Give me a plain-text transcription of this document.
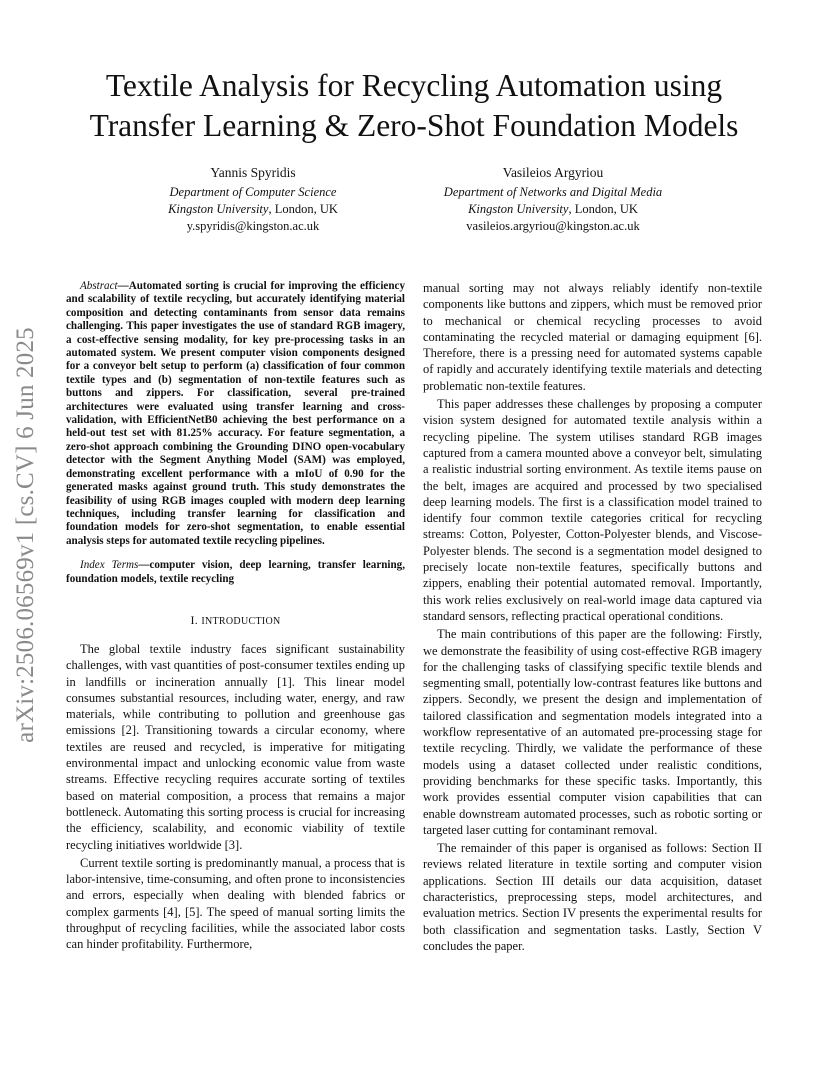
arXiv:2506.06569v1 [cs.CV] 6 Jun 2025
Textile Analysis for Recycling Automation using
Transfer Learning & Zero-Shot Foundation Models
Yannis Spyridis
Department of Computer Science
Kingston University, London, UK
y.spyridis@kingston.ac.uk
Vasileios Argyriou
Department of Networks and Digital Media
Kingston University, London, UK
vasileios.argyriou@kingston.ac.uk

Abstract—Automated sorting is crucial for improving the efficiency and scalability of textile recycling, but accurately identifying material composition and detecting contaminants from sensor data remains challenging. This paper investigates the use of standard RGB imagery, a cost-effective sensing modality, for key pre-processing tasks in an automated system. We present computer vision components designed for a conveyor belt setup to perform (a) classification of four common textile types and (b) segmentation of non-textile features such as buttons and zippers. For classification, several pre-trained architectures were evaluated using transfer learning and cross-validation, with EfficientNetB0 achieving the best performance on a held-out test set with 81.25% accuracy. For feature segmentation, a zero-shot approach combining the Grounding DINO open-vocabulary detector with the Segment Anything Model (SAM) was employed, demonstrating excellent performance with a mIoU of 0.90 for the generated masks against ground truth. This study demonstrates the feasibility of using RGB images coupled with modern deep learning techniques, including transfer learning for classification and foundation models for zero-shot segmentation, to enable essential analysis steps for automated textile recycling pipelines.

Index Terms—computer vision, deep learning, transfer learning, foundation models, textile recycling

I. INTRODUCTION

The global textile industry faces significant sustainability challenges, with vast quantities of post-consumer textiles ending up in landfills or incineration annually [1]. This linear model consumes substantial resources, including water, energy, and raw materials, while contributing to pollution and greenhouse gas emissions [2]. Transitioning towards a circular economy, where textiles are reused and recycled, is imperative for mitigating environmental impact and unlocking economic value from waste streams. Effective recycling requires accurate sorting of textiles based on material composition, a process that remains a major bottleneck. Automating this sorting process is crucial for increasing the efficiency, scalability, and economic viability of textile recycling initiatives worldwide [3].

Current textile sorting is predominantly manual, a process that is labor-intensive, time-consuming, and often prone to inconsistencies and errors, especially when dealing with blended fabrics or complex garments [4], [5]. The speed of manual sorting limits the throughput of recycling facilities, while the associated labor costs can hinder profitability. Furthermore,

manual sorting may not always reliably identify non-textile components like buttons and zippers, which must be removed prior to mechanical or chemical recycling processes to avoid contaminating the recycled material or damaging equipment [6]. Therefore, there is a pressing need for automated systems capable of rapidly and accurately identifying textile materials and detecting problematic non-textile features.

This paper addresses these challenges by proposing a computer vision system designed for automated textile analysis within a recycling pipeline. The system utilises standard RGB images captured from a camera mounted above a conveyor belt, simulating a realistic industrial sorting environment. As textile items pause on the belt, images are acquired and processed by two specialised deep learning models. The first is a classification model trained to identify four common textile categories critical for recycling streams: Cotton, Polyester, Cotton-Polyester blends, and Viscose-Polyester blends. The second is a segmentation model designed to precisely locate non-textile features, specifically buttons and zippers, enabling their potential automated removal. Importantly, this work relies exclusively on real-world image data captured via standard sensors, reflecting practical operational conditions.

The main contributions of this paper are the following: Firstly, we demonstrate the feasibility of using cost-effective RGB imagery for the challenging tasks of classifying specific textile blends and segmenting small, potentially low-contrast features like buttons and zippers. Secondly, we present the design and implementation of tailored classification and segmentation models integrated into a workflow representative of an automated pre-processing stage for textile recycling. Thirdly, we validate the performance of these models using a dataset collected under realistic conditions, providing benchmarks for these specific tasks. Importantly, this work provides essential computer vision capabilities that can enable downstream automated processes, such as robotic sorting or targeted laser cutting for contaminant removal.

The remainder of this paper is organised as follows: Section II reviews related literature in textile sorting and computer vision applications. Section III details our data acquisition, dataset characteristics, preprocessing steps, model architectures, and evaluation metrics. Section IV presents the experimental results for both classification and segmentation tasks. Lastly, Section V concludes the paper.
